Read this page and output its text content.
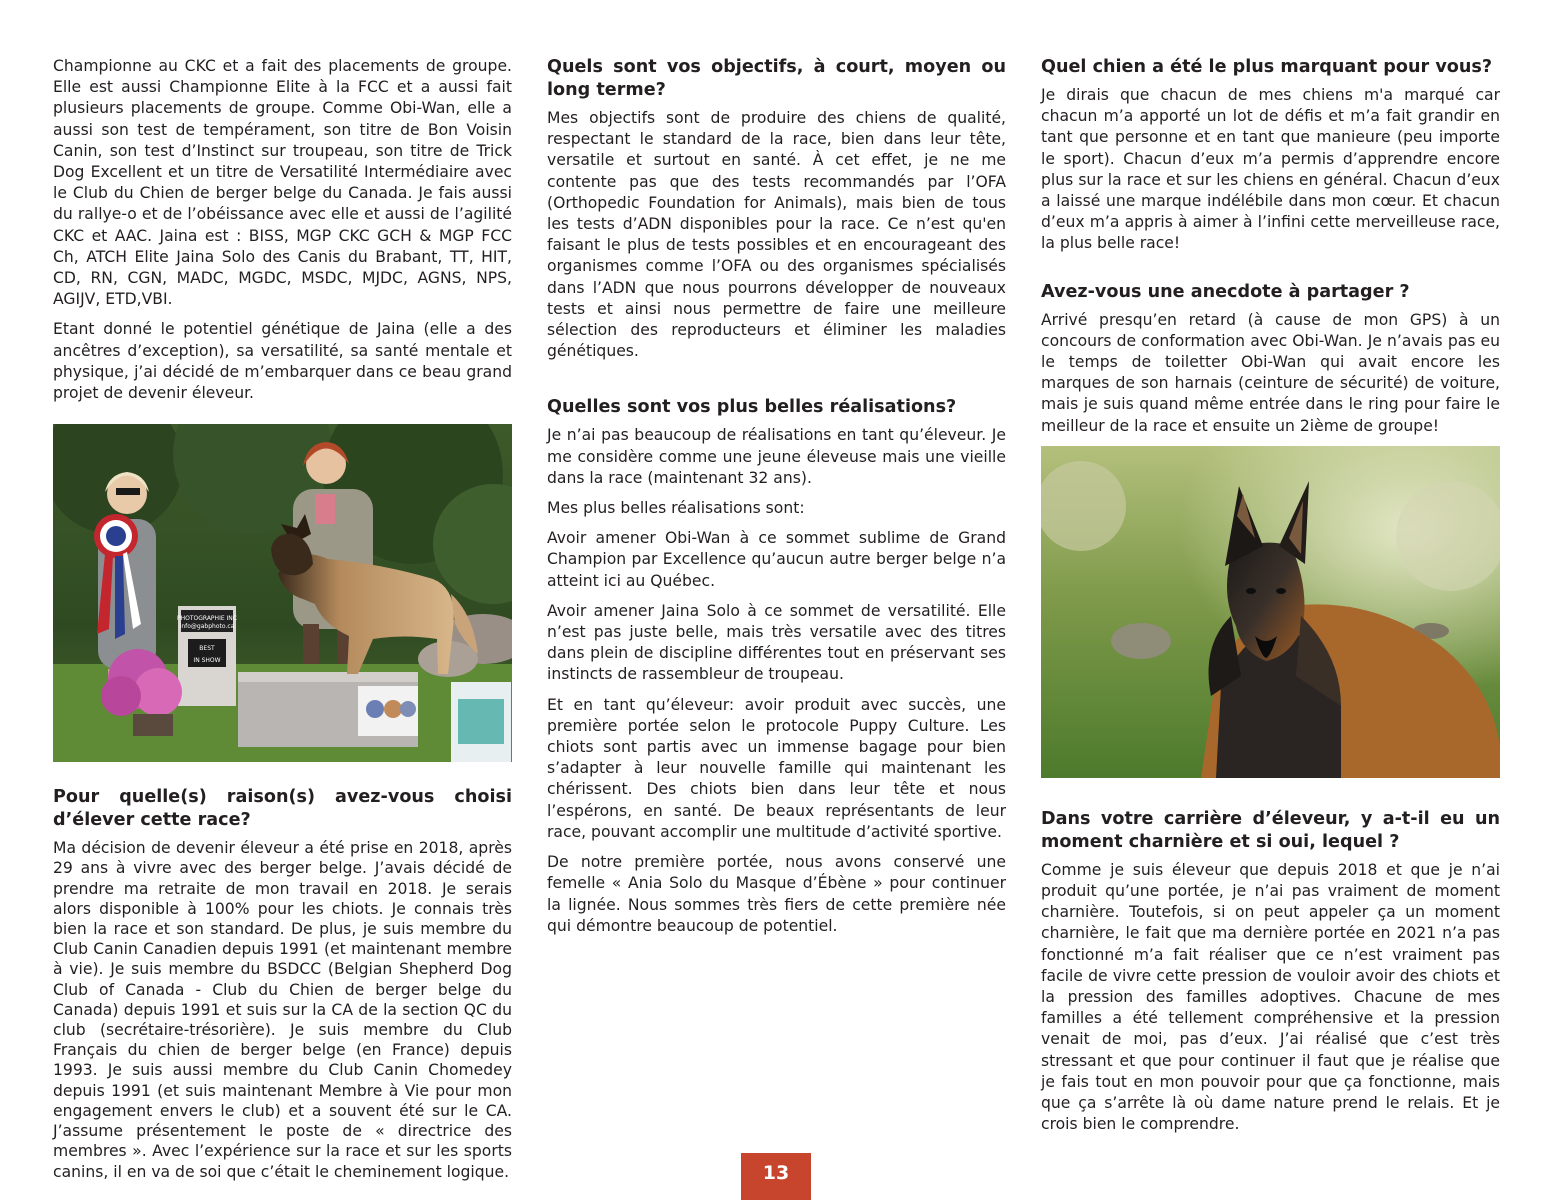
Championne au CKC et a fait des placements de groupe. Elle est aussi Championne Elite à la FCC et a aussi fait plusieurs placements de groupe. Comme Obi-Wan, elle a aussi son test de tempérament, son titre de Bon Voisin Canin, son test d’Instinct sur troupeau, son titre de Trick Dog Excellent et un titre de Versatilité Intermédiaire avec le Club du Chien de berger belge du Canada. Je fais aussi du rallye-o et de l’obéissance avec elle et aussi de l’agilité CKC et AAC. Jaina est : BISS, MGP CKC GCH & MGP FCC Ch, ATCH Elite Jaina Solo des Canis du Brabant, TT, HIT, CD, RN, CGN, MADC, MGDC, MSDC, MJDC, AGNS, NPS, AGIJV, ETD,VBI.

Etant donné le potentiel génétique de Jaina (elle a des ancêtres d’exception), sa versatilité, sa santé mentale et physique, j’ai décidé de m’embarquer dans ce beau grand projet de devenir éleveur.

PHOTOGRAPHIE INC
info@gabphoto.ca
BEST
IN SHOW
Pour quelle(s) raison(s) avez-vous choisi d’élever cette race?

Ma décision de devenir éleveur a été prise en 2018, après 29 ans à vivre avec des berger belge. J’avais décidé de prendre ma retraite de mon travail en 2018. Je serais alors disponible à 100% pour les chiots. Je connais très bien la race et son standard. De plus, je suis membre du Club Canin Canadien depuis 1991 (et maintenant membre à vie). Je suis membre du BSDCC (Belgian Shepherd Dog Club of Canada - Club du Chien de berger belge du Canada) depuis 1991 et suis sur la CA de la section QC du club (secrétaire-trésorière). Je suis membre du Club Français du chien de berger belge (en France) depuis 1993. Je suis aussi membre du Club Canin Chomedey depuis 1991 (et suis maintenant Membre à Vie pour mon engagement envers le club) et a souvent été sur le CA. J’assume présentement le poste de « directrice des membres ». Avec l’expérience sur la race et sur les sports canins, il en va de soi que c’était le cheminement logique.

Quels sont vos objectifs, à court, moyen ou long terme?

Mes objectifs sont de produire des chiens de qualité, respectant le standard de la race, bien dans leur tête, versatile et surtout en santé. À cet effet, je ne me contente pas que des tests recommandés par l’OFA (Orthopedic Foundation for Animals), mais bien de tous les tests d’ADN disponibles pour la race. Ce n’est qu'en faisant le plus de tests possibles et en encourageant des organismes comme l’OFA ou des organismes spécialisés dans l’ADN que nous pourrons développer de nouveaux tests et ainsi nous permettre de faire une meilleure sélection des reproducteurs et éliminer les maladies génétiques.

Quelles sont vos plus belles réalisations?

Je n’ai pas beaucoup de réalisations en tant qu’éleveur. Je me considère comme une jeune éleveuse mais une vieille dans la race (maintenant 32 ans).

Mes plus belles réalisations sont:

Avoir amener Obi-Wan à ce sommet sublime de Grand Champion par Excellence qu’aucun autre berger belge n’a atteint ici au Québec.

Avoir amener Jaina Solo à ce sommet de versatilité. Elle n’est pas juste belle, mais très versatile avec des titres dans plein de discipline différentes tout en préservant ses instincts de rassembleur de troupeau.

Et en tant qu’éleveur: avoir produit avec succès, une première portée selon le protocole Puppy Culture. Les chiots sont partis avec un immense bagage pour bien s’adapter à leur nouvelle famille qui maintenant les chérissent. Des chiots bien dans leur tête et nous l’espérons, en santé. De beaux représentants de leur race, pouvant accomplir une multitude d’activité sportive.

De notre première portée, nous avons conservé une femelle « Ania Solo du Masque d’Ébène » pour continuer la lignée. Nous sommes très fiers de cette première née qui démontre beaucoup de potentiel.

Quel chien a été le plus marquant pour vous?

Je dirais que chacun de mes chiens m'a marqué car chacun m’a apporté un lot de défis et m’a fait grandir en tant que personne et en tant que manieure (peu importe le sport). Chacun d’eux m’a permis d’apprendre encore plus sur la race et sur les chiens en général. Chacun d’eux a laissé une marque indélébile dans mon cœur. Et chacun d’eux m’a appris à aimer à l’infini cette merveilleuse race, la plus belle race!

Avez-vous une anecdote à partager ?

Arrivé presqu’en retard (à cause de mon GPS) à un concours de conformation avec Obi-Wan. Je n’avais pas eu le temps de toiletter Obi-Wan qui avait encore les marques de son harnais (ceinture de sécurité) de voiture, mais je suis quand même entrée dans le ring pour faire le meilleur de la race et ensuite un 2ième de groupe!

Dans votre carrière d’éleveur, y a-t-il eu un moment charnière et si oui, lequel ?

Comme je suis éleveur que depuis 2018 et que je n’ai produit qu’une portée, je n’ai pas vraiment de moment charnière. Toutefois, si on peut appeler ça un moment charnière, le fait que ma dernière portée en 2021 n’a pas fonctionné m’a fait réaliser que ce n’est vraiment pas facile de vivre cette pression de vouloir avoir des chiots et la pression des familles adoptives. Chacune de mes familles a été tellement compréhensive et la pression venait de moi, pas d’eux. J’ai réalisé que c’est très stressant et que pour continuer il faut que je réalise que je fais tout en mon pouvoir pour que ça fonctionne, mais que ça s’arrête là où dame nature prend le relais. Et je crois bien le comprendre.

13
